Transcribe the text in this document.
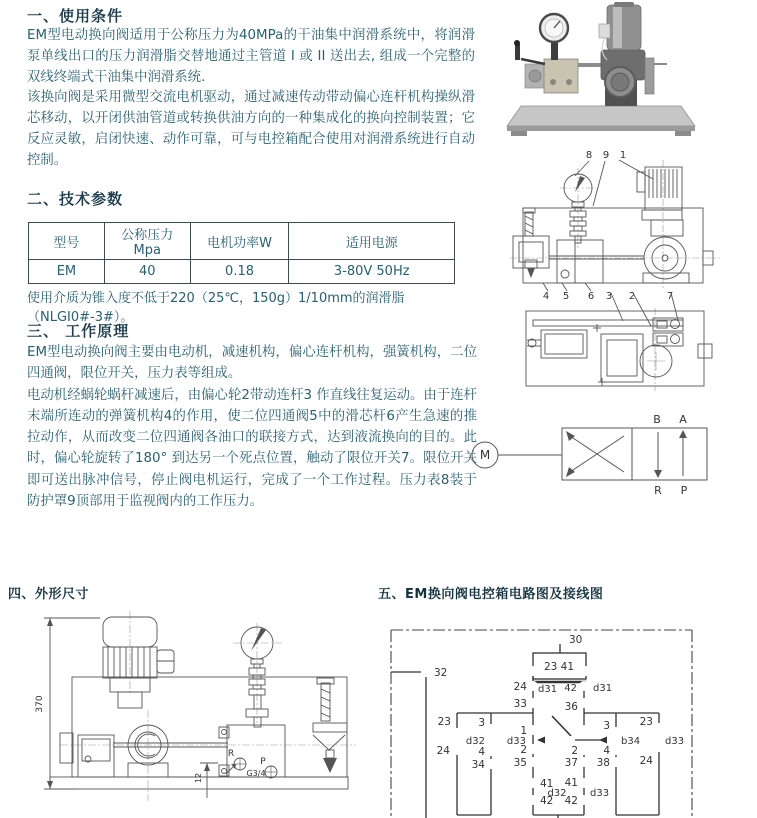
一、使用条件

EM型电动换向阀适用于公称压力为40MPa的干油集中润滑系统中，将润滑泵单线出口的压力润滑脂交替地通过主管道 I 或 II 送出去, 组成一个完整的双线终端式干油集中润滑系统.

该换向阀是采用微型交流电机驱动，通过减速传动带动偏心连杆机构操纵滑芯移动，以开闭供油管道或转换供油方向的一种集成化的换向控制装置；它反应灵敏，启闭快速、动作可靠，可与电控箱配合使用对润滑系统进行自动控制。

二、技术参数
型号	公称压力Mpa	电机功率W	适用电源
EM	40	0.18	3-80V 50Hz
使用介质为锥入度不低于220（25℃，150g）1/10mm的润滑脂（NLGI0#-3#）。
8 9 1
4 5 6 3 2	7
三、 工作原理

EM型电动换向阀主要由电动机，减速机构，偏心连杆机构，强簧机构，二位四通阀，限位开关，压力表等组成。

电动机经蜗轮蜗杆减速后，由偏心轮2带动连杆3 作直线往复运动。由于连杆末端所连动的弹簧机构4的作用，使二位四通阀5中的滑芯杆6产生急速的推拉动作，从而改变二位四通阀各油口的联接方式，达到液流换向的目的。此时，偏心轮旋转了180° 到达另一个死点位置，触动了限位开关7。限位开关即可送出脉冲信号，停止阀电机运行，完成了一个工作过程。压力表8装于防护罩9顶部用于监视阀内的工作压力。

M
B A
R P
四、外形尺寸
370
R
G3/4
P
12
五、EM换向阀电控箱电路图及接线图
30
32	23 41
24 d31 42 d31
33	36
1
d33
2
35
2
37
23
24
3
d32
4
34
3
b34
4
38
23
d33
24
41 41
d32 d33
42 42
